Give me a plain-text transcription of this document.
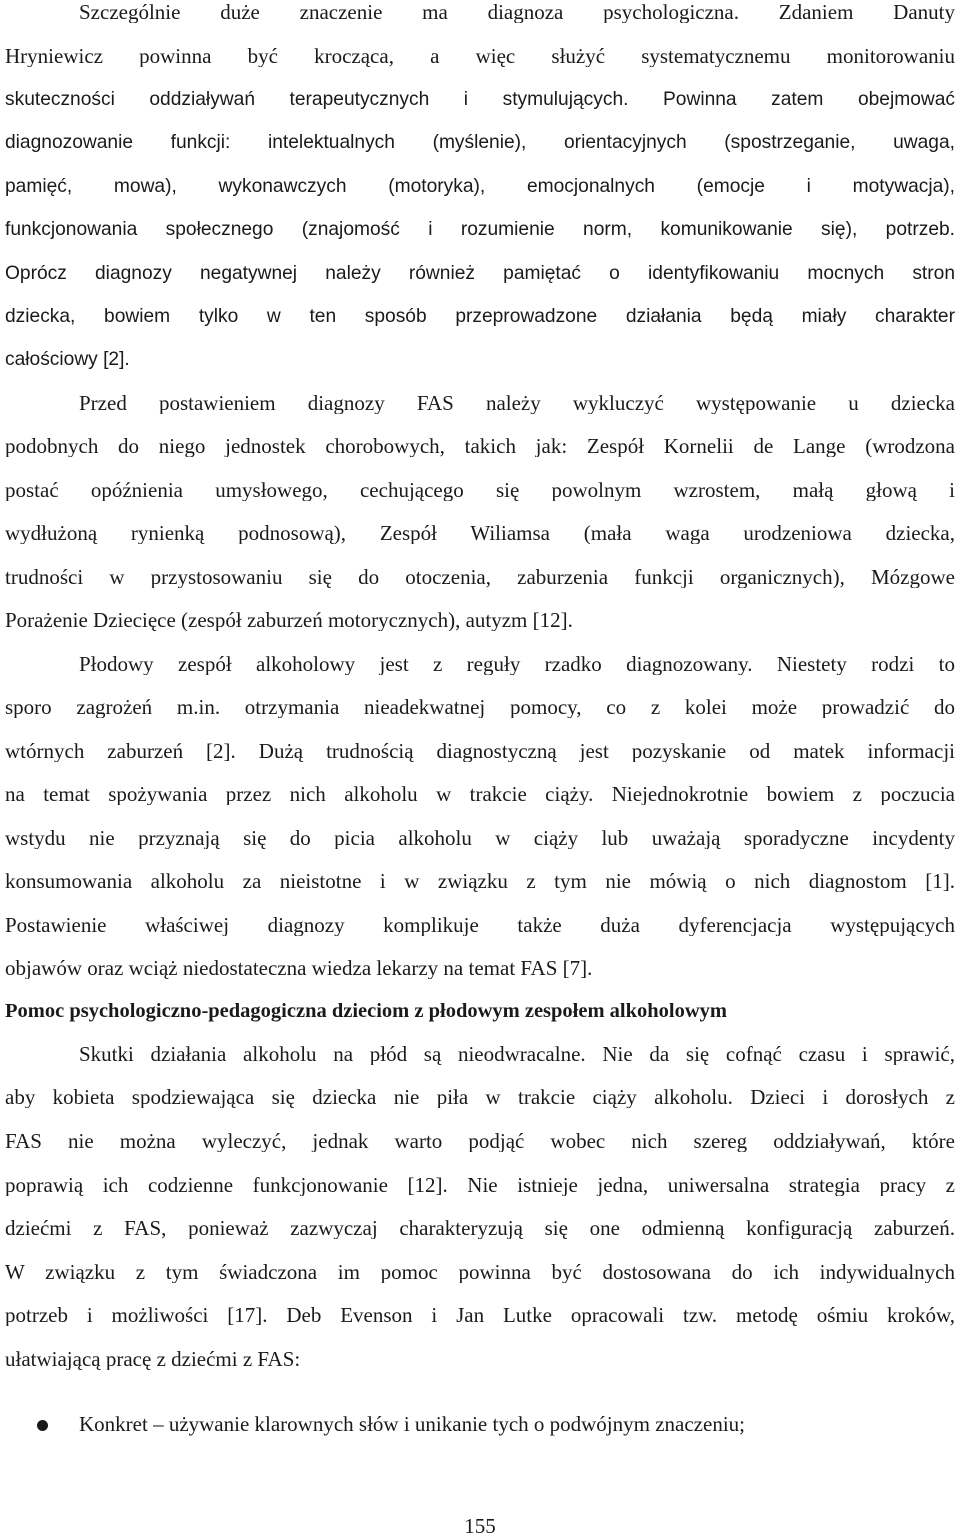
Szczególnie duże znaczenie ma diagnoza psychologiczna. Zdaniem Danuty
Hryniewicz powinna być krocząca, a więc służyć systematycznemu monitorowaniu
skuteczności oddziaływań terapeutycznych i stymulujących. Powinna zatem obejmować
diagnozowanie funkcji: intelektualnych (myślenie), orientacyjnych (spostrzeganie, uwaga,
pamięć, mowa), wykonawczych (motoryka), emocjonalnych (emocje i motywacja),
funkcjonowania społecznego (znajomość i rozumienie norm, komunikowanie się), potrzeb.
Oprócz diagnozy negatywnej należy również pamiętać o identyfikowaniu mocnych stron
dziecka, bowiem tylko w ten sposób przeprowadzone działania będą miały charakter
całościowy [2].
Przed postawieniem diagnozy FAS należy wykluczyć występowanie u dziecka
podobnych do niego jednostek chorobowych, takich jak: Zespół Kornelii de Lange (wrodzona
postać opóźnienia umysłowego, cechującego się powolnym wzrostem, małą głową i
wydłużoną rynienką podnosową), Zespół Wiliamsa (mała waga urodzeniowa dziecka,
trudności w przystosowaniu się do otoczenia, zaburzenia funkcji organicznych), Mózgowe
Porażenie Dziecięce (zespół zaburzeń motorycznych), autyzm [12].
Płodowy zespół alkoholowy jest z reguły rzadko diagnozowany. Niestety rodzi to
sporo zagrożeń m.in. otrzymania nieadekwatnej pomocy, co z kolei może prowadzić do
wtórnych zaburzeń [2]. Dużą trudnością diagnostyczną jest pozyskanie od matek informacji
na temat spożywania przez nich alkoholu w trakcie ciąży. Niejednokrotnie bowiem z poczucia
wstydu nie przyznają się do picia alkoholu w ciąży lub uważają sporadyczne incydenty
konsumowania alkoholu za nieistotne i w związku z tym nie mówią o nich diagnostom [1].
Postawienie właściwej diagnozy komplikuje także duża dyferencjacja występujących
objawów oraz wciąż niedostateczna wiedza lekarzy na temat FAS [7].
Pomoc psychologiczno-pedagogiczna dzieciom z płodowym zespołem alkoholowym
Skutki działania alkoholu na płód są nieodwracalne. Nie da się cofnąć czasu i sprawić,
aby kobieta spodziewająca się dziecka nie piła w trakcie ciąży alkoholu. Dzieci i dorosłych z
FAS nie można wyleczyć, jednak warto podjąć wobec nich szereg oddziaływań, które
poprawią ich codzienne funkcjonowanie [12]. Nie istnieje jedna, uniwersalna strategia pracy z
dziećmi z FAS, ponieważ zazwyczaj charakteryzują się one odmienną konfiguracją zaburzeń.
W związku z tym świadczona im pomoc powinna być dostosowana do ich indywidualnych
potrzeb i możliwości [17]. Deb Evenson i Jan Lutke opracowali tzw. metodę ośmiu kroków,
ułatwiającą pracę z dziećmi z FAS:
Konkret – używanie klarownych słów i unikanie tych o podwójnym znaczeniu;
155
